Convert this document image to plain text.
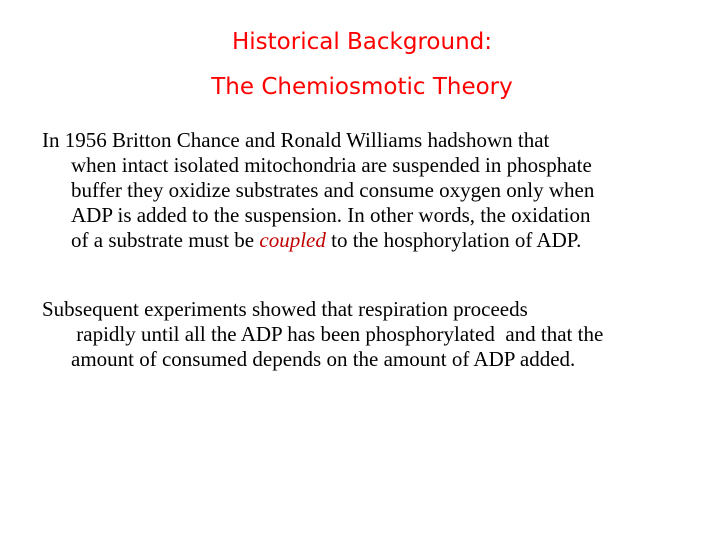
Historical Background:
The Chemiosmotic Theory
In 1956 Britton Chance and Ronald Williams hadshown that
when intact isolated mitochondria are suspended in phosphate
buffer they oxidize substrates and consume oxygen only when
ADP is added to the suspension. In other words, the oxidation
of a substrate must be coupled to the hosphorylation of ADP.
Subsequent experiments showed that respiration proceeds
rapidly until all the ADP has been phosphorylated  and that the
amount of consumed depends on the amount of ADP added.
